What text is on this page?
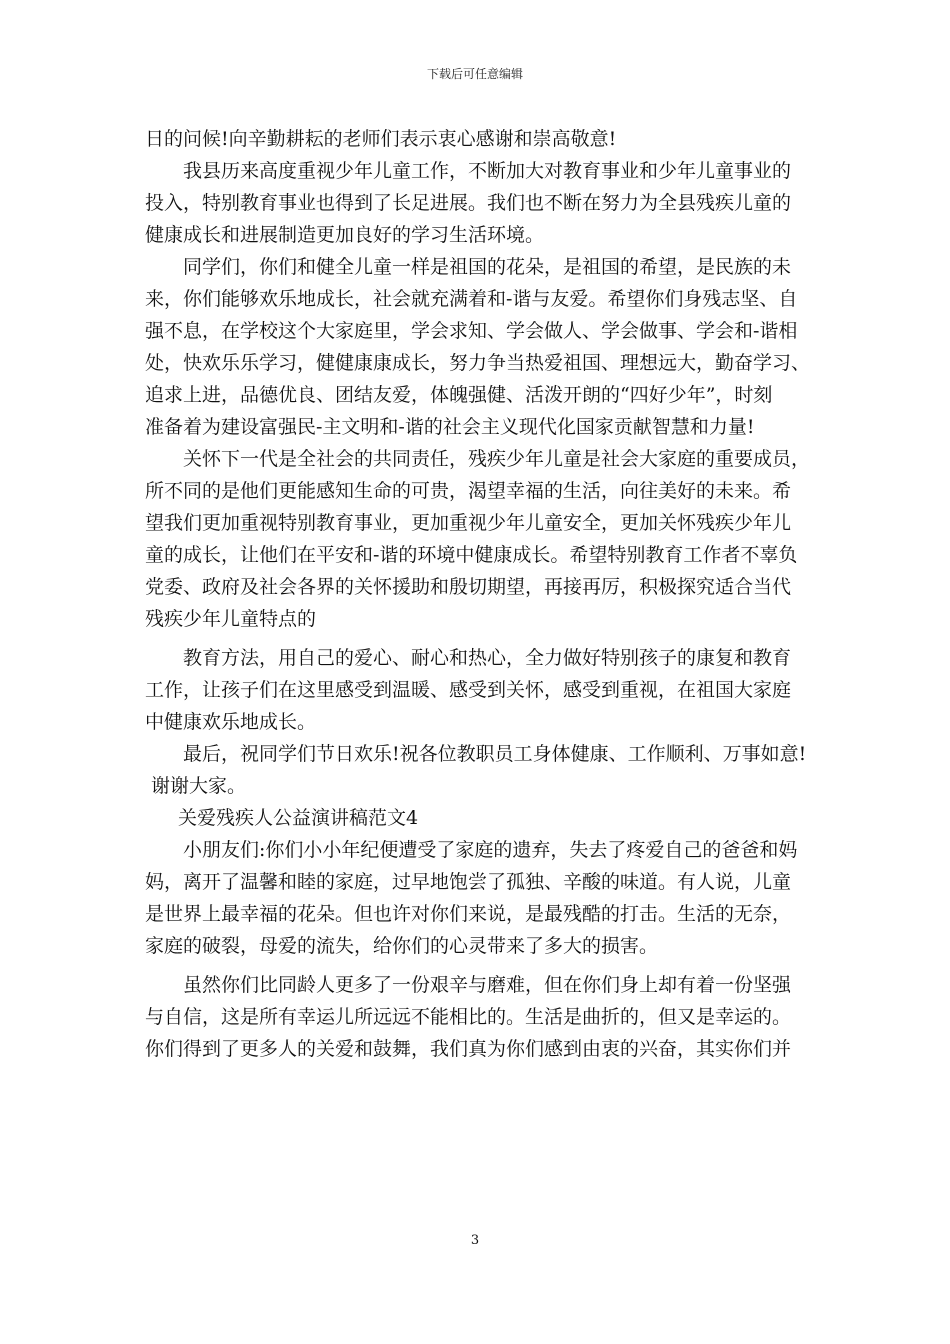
下载后可任意编辑
日的问候!向辛勤耕耘的老师们表示衷心感谢和崇高敬意!
我县历来高度重视少年儿童工作，不断加大对教育事业和少年儿童事业的
投入，特别教育事业也得到了长足进展。我们也不断在努力为全县残疾儿童的
健康成长和进展制造更加良好的学习生活环境。
同学们，你们和健全儿童一样是祖国的花朵，是祖国的希望，是民族的未
来，你们能够欢乐地成长，社会就充满着和-谐与友爱。希望你们身残志坚、自
强不息，在学校这个大家庭里，学会求知、学会做人、学会做事、学会和-谐相
处，快欢乐乐学习，健健康康成长，努力争当热爱祖国、理想远大，勤奋学习、
追求上进，品德优良、团结友爱，体魄强健、活泼开朗的“四好少年”，时刻
准备着为建设富强民-主文明和-谐的社会主义现代化国家贡献智慧和力量!
关怀下一代是全社会的共同责任，残疾少年儿童是社会大家庭的重要成员，
所不同的是他们更能感知生命的可贵，渴望幸福的生活，向往美好的未来。希
望我们更加重视特别教育事业，更加重视少年儿童安全，更加关怀残疾少年儿
童的成长，让他们在平安和-谐的环境中健康成长。希望特别教育工作者不辜负
党委、政府及社会各界的关怀援助和殷切期望，再接再厉，积极探究适合当代
残疾少年儿童特点的
教育方法，用自己的爱心、耐心和热心，全力做好特别孩子的康复和教育
工作，让孩子们在这里感受到温暖、感受到关怀，感受到重视，在祖国大家庭
中健康欢乐地成长。
最后，祝同学们节日欢乐!祝各位教职员工身体健康、工作顺利、万事如意!
谢谢大家。
关爱残疾人公益演讲稿范文4
小朋友们:你们小小年纪便遭受了家庭的遗弃，失去了疼爱自己的爸爸和妈
妈，离开了温馨和睦的家庭，过早地饱尝了孤独、辛酸的味道。有人说，儿童
是世界上最幸福的花朵。但也许对你们来说，是最残酷的打击。生活的无奈，
家庭的破裂，母爱的流失，给你们的心灵带来了多大的损害。
虽然你们比同龄人更多了一份艰辛与磨难，但在你们身上却有着一份坚强
与自信，这是所有幸运儿所远远不能相比的。生活是曲折的，但又是幸运的。
你们得到了更多人的关爱和鼓舞，我们真为你们感到由衷的兴奋，其实你们并
3
